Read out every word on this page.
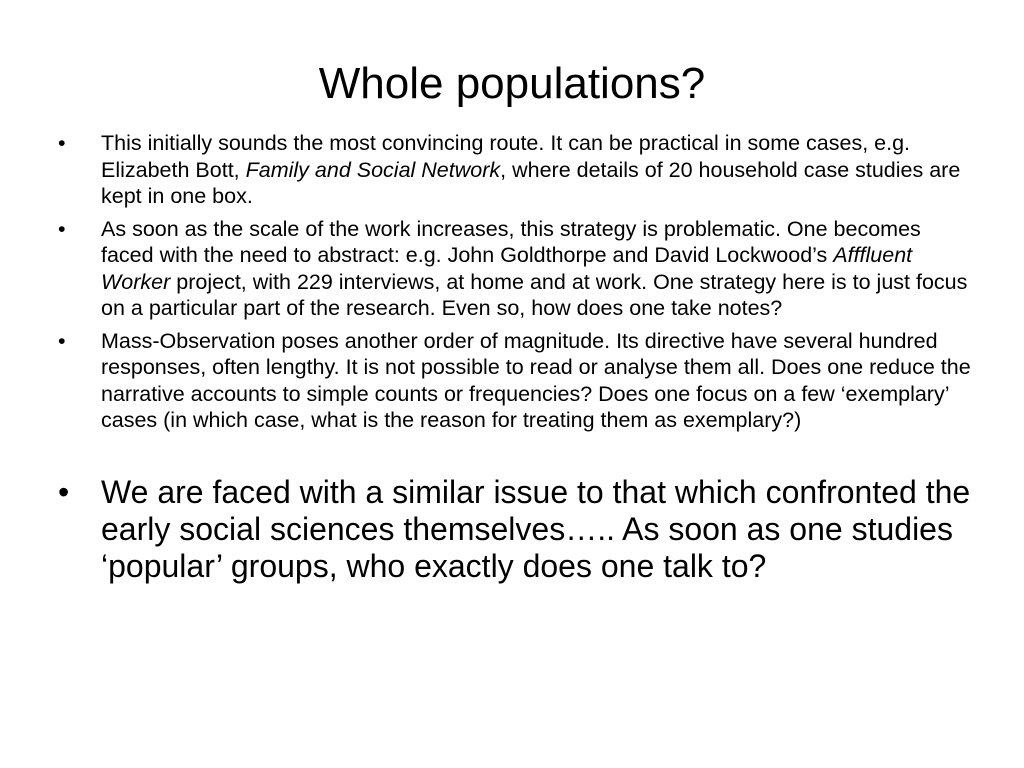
Whole populations?
• This initially sounds the most convincing route. It can be practical in some cases, e.g. Elizabeth Bott, Family and Social Network, where details of 20 household case studies are kept in one box.
• As soon as the scale of the work increases, this strategy is problematic. One becomes faced with the need to abstract: e.g. John Goldthorpe and David Lockwood’s Afffluent Worker project, with 229 interviews, at home and at work. One strategy here is to just focus on a particular part of the research. Even so, how does one take notes?
• Mass-Observation poses another order of magnitude. Its directive have several hundred responses, often lengthy. It is not possible to read or analyse them all. Does one reduce the narrative accounts to simple counts or frequencies? Does one focus on a few ‘exemplary’ cases (in which case, what is the reason for treating them as exemplary?)
• We are faced with a similar issue to that which confronted the early social sciences themselves….. As soon as one studies ‘popular’ groups, who exactly does one talk to?
